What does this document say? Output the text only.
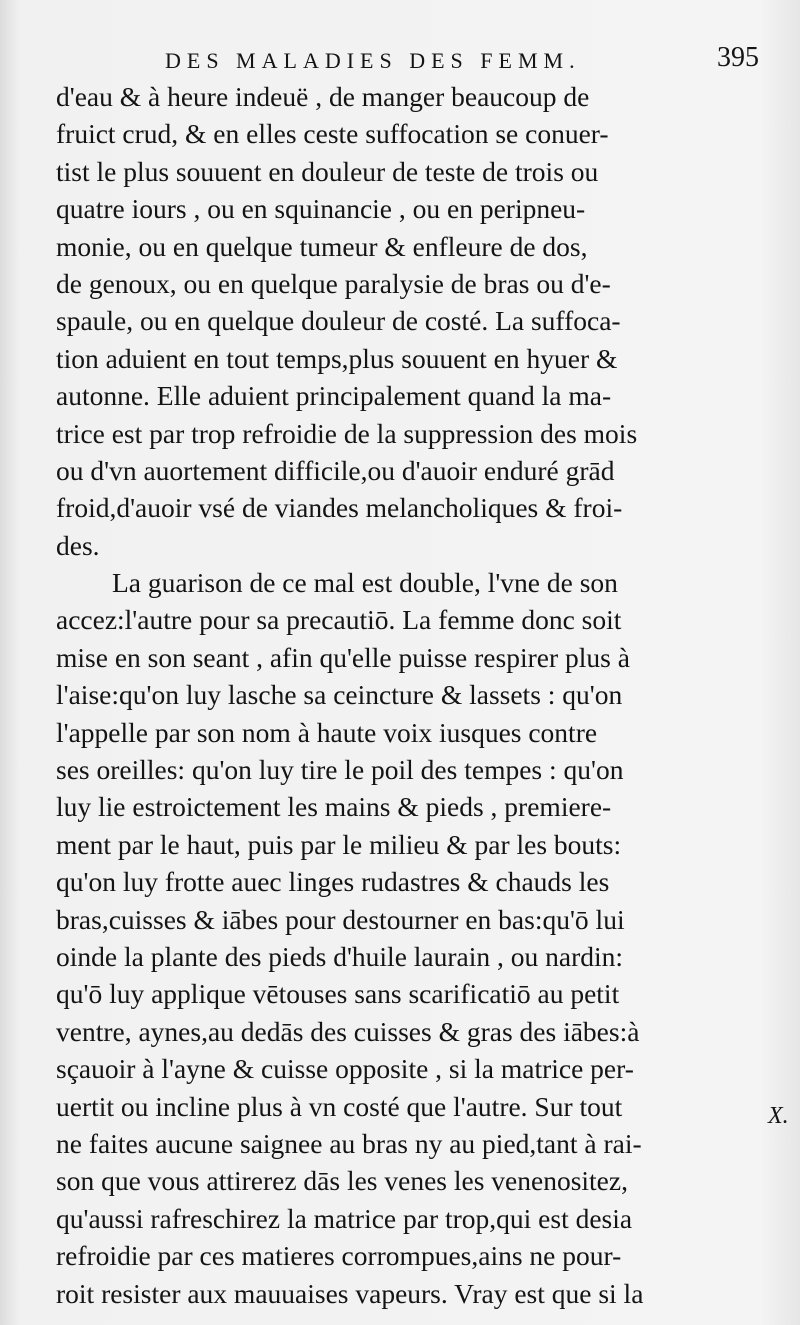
DES MALADIES DES FEMM.	395
d'eau & à heure indeuë , de manger beaucoup de
fruict crud, & en elles ceste suffocation se conuer-
tist le plus souuent en douleur de teste de trois ou
quatre iours , ou en squinancie , ou en peripneu-
monie, ou en quelque tumeur & enfleure de dos,
de genoux, ou en quelque paralysie de bras ou d'e-
spaule, ou en quelque douleur de costé. La suffoca-
tion aduient en tout temps,plus souuent en hyuer &
autonne. Elle aduient principalement quand la ma-
trice est par trop refroidie de la suppression des mois
ou d'vn auortement difficile,ou d'auoir enduré grād
froid,d'auoir vsé de viandes melancholiques & froi-
des.
La guarison de ce mal est double, l'vne de son
accez:l'autre pour sa precautiō. La femme donc soit
mise en son seant , afin qu'elle puisse respirer plus à
l'aise:qu'on luy lasche sa ceincture & lassets : qu'on
l'appelle par son nom à haute voix iusques contre
ses oreilles: qu'on luy tire le poil des tempes : qu'on
luy lie estroictement les mains & pieds , premiere-
ment par le haut, puis par le milieu & par les bouts:
qu'on luy frotte auec linges rudastres & chauds les
bras,cuisses & iābes pour destourner en bas:qu'ō lui
oinde la plante des pieds d'huile laurain , ou nardin:
qu'ō luy applique vētouses sans scarificatiō au petit
ventre, aynes,au dedās des cuisses & gras des iābes:à
sçauoir à l'ayne & cuisse opposite , si la matrice per-
uertit ou incline plus à vn costé que l'autre. Sur tout
ne faites aucune saignee au bras ny au pied,tant à rai-
son que vous attirerez dās les venes les venenositez,
qu'aussi rafreschirez la matrice par trop,qui est desia
refroidie par ces matieres corrompues,ains ne pour-
roit resister aux mauuaises vapeurs. Vray est que si la
X.
